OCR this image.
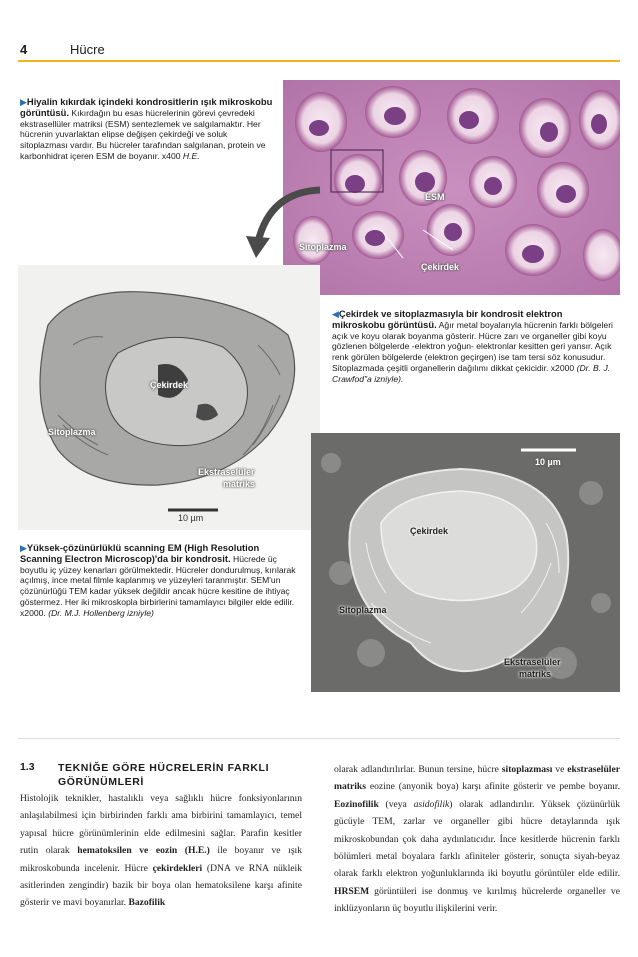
4	Hücre
▶Hiyalin kıkırdak içindeki kondrositlerin ışık mikroskobu görüntüsü. Kıkırdağın bu esas hücrelerinin görevi çevredeki ekstrasellüler matriksi (ESM) sentezlemek ve salgılamaktır. Her hücrenin yuvarlaktan elipse değişen çekirdeği ve soluk sitoplazması vardır. Bu hücreler tarafından salgılanan, protein ve karbonhidrat içeren ESM de boyanır. x400 H.E.
ESM
Sitoplazma
Çekirdek
Çekirdek
Sitoplazma
Ekstraselüler
matriks
10 µm
◀Çekirdek ve sitoplazmasıyla bir kondrosit elektron mikroskobu görüntüsü. Ağır metal boyalarıyla hücrenin farklı bölgeleri açık ve koyu olarak boyanma gösterir. Hücre zarı ve organeller gibi koyu gözlenen bölgelerde -elektron yoğun- elektronlar kesitten geri yansır. Açık renk görülen bölgelerde (elektron geçirgen) ise tam tersi söz konusudur. Sitoplazmada çeşitli organellerin dağılımı dikkat çekicidir. x2000 (Dr. B. J. Crawfod"a izniyle).
Çekirdek
Sitoplazma
Ekstraselüler
matriks
10 µm
▶Yüksek-çözünürlüklü scanning EM (High Resolution Scanning Electron Microscop)'da bir kondrosit. Hücrede üç boyutlu iç yüzey kenarları görülmektedir. Hücreler dondurulmuş, kırılarak açılmış, ince metal filmle kaplanmış ve yüzeyleri taranmıştır. SEM'un çözünürlüğü TEM kadar yüksek değildir ancak hücre kesitine de ihtiyaç göstermez. Her iki mikroskopla birbirlerini tamamlayıcı bilgiler elde edilir. x2000. (Dr. M.J. Hollenberg izniyle)
1.3 TEKNİĞE GÖRE HÜCRELERİN FARKLI GÖRÜNÜMLERİ
Histolojik teknikler, hastalıklı veya sağlıklı hücre fonksiyonlarının anlaşılabilmesi için birbirinden farklı ama birbirini tamamlayıcı, temel yapısal hücre görünümlerinin elde edilmesini sağlar. Parafin kesitler rutin olarak hematoksilen ve eozin (H.E.) ile boyanır ve ışık mikroskobunda incelenir. Hücre çekirdekleri (DNA ve RNA nükleik asitlerinden zengindir) bazik bir boya olan hematoksilene karşı afinite gösterir ve mavi boyanırlar. Bazofilik
olarak adlandırılırlar. Bunun tersine, hücre sitoplazması ve ekstraselüler matriks eozine (anyonik boya) karşı afinite gösterir ve pembe boyanır. Eozinofilik (veya asidofilik) olarak adlandırılır. Yüksek çözünürlük gücüyle TEM, zarlar ve organeller gibi hücre detaylarında ışık mikroskobundan çok daha aydınlatıcıdır. İnce kesitlerde hücrenin farklı bölümleri metal boyalara farklı afiniteler gösterir, sonuçta siyah-beyaz olarak farklı elektron yoğunluklarında iki boyutlu görüntüler elde edilir. HRSEM görüntüleri ise donmuş ve kırılmış hücrelerde organeller ve inklüzyonların üç boyutlu ilişkilerini verir.
